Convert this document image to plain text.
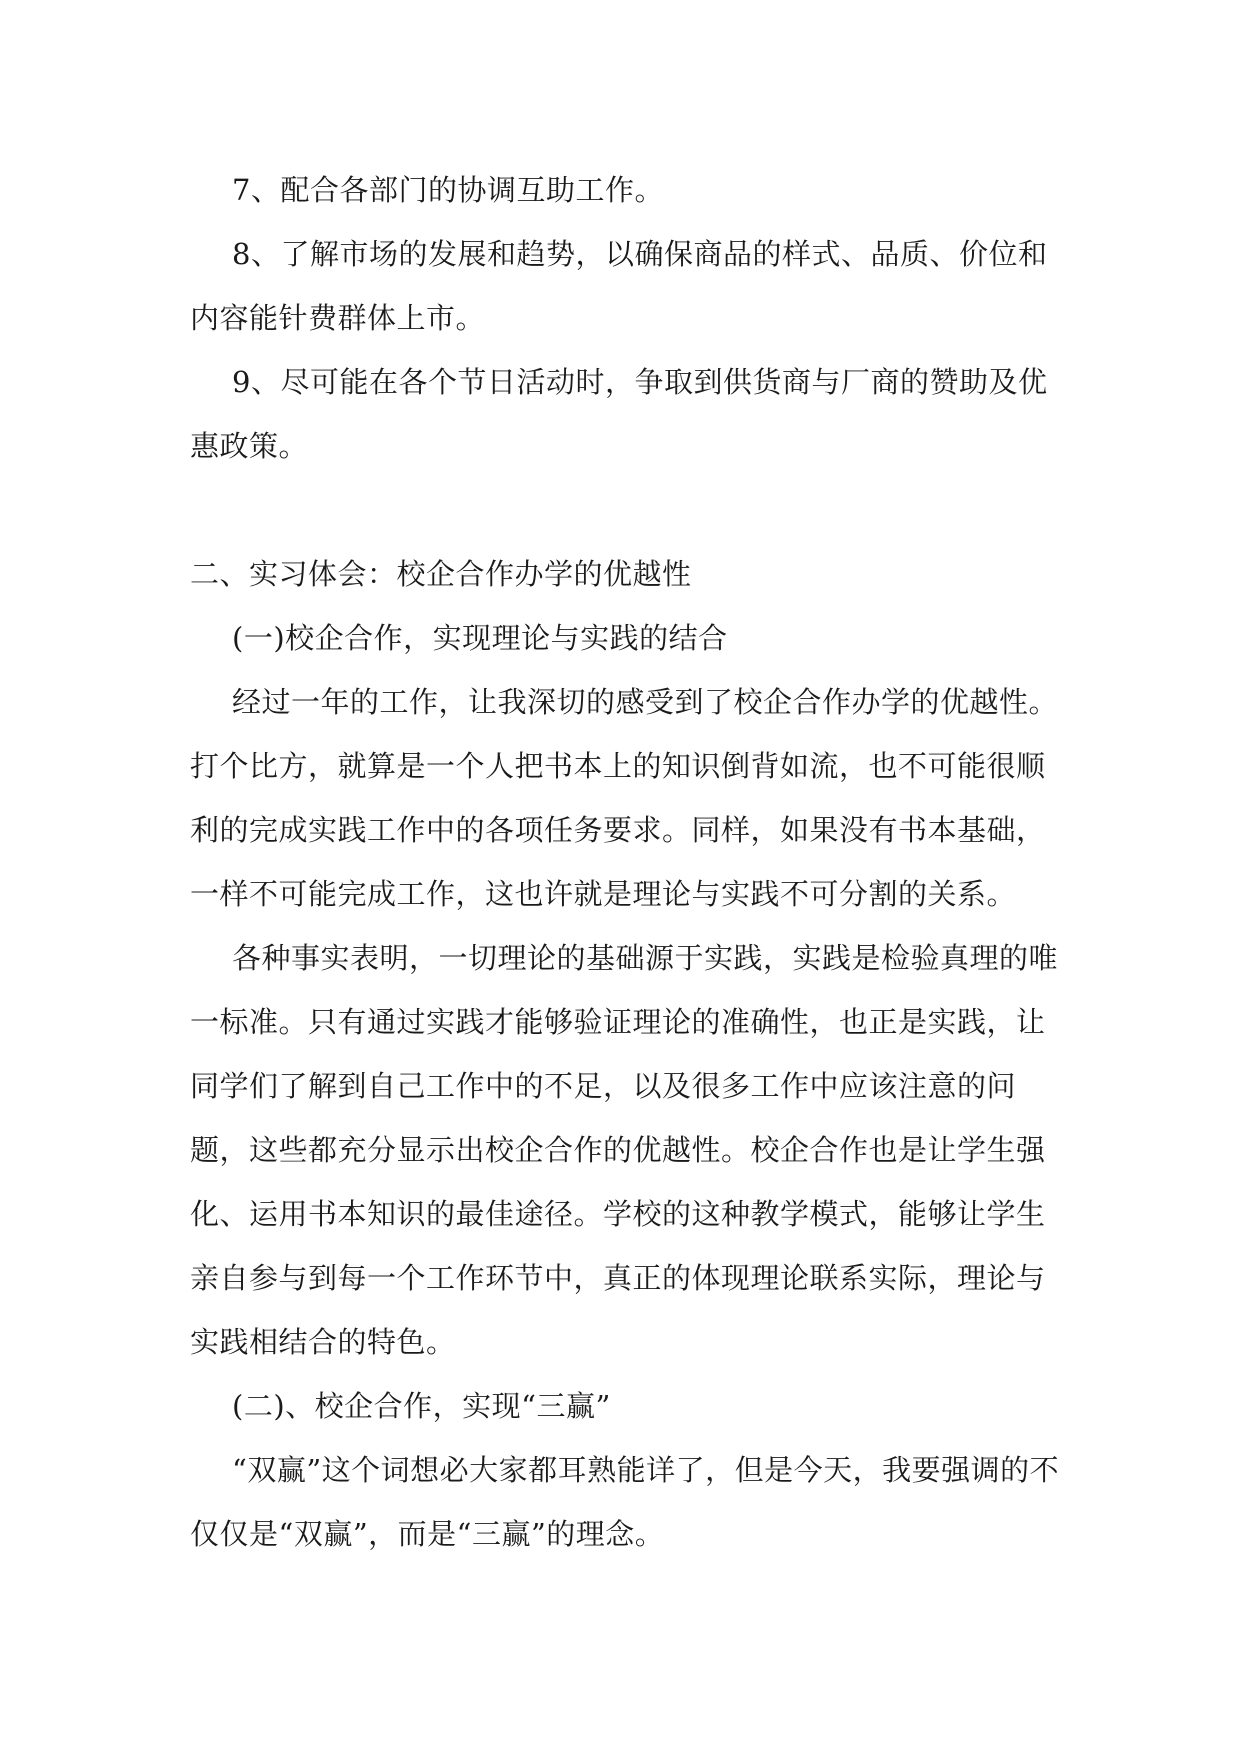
7、配合各部门的协调互助工作。

8、了解市场的发展和趋势，以确保商品的样式、品质、价位和内容能针费群体上市。

9、尽可能在各个节日活动时，争取到供货商与厂商的赞助及优惠政策。

二、实习体会：校企合作办学的优越性

(一)校企合作，实现理论与实践的结合

经过一年的工作，让我深切的感受到了校企合作办学的优越性。打个比方，就算是一个人把书本上的知识倒背如流，也不可能很顺利的完成实践工作中的各项任务要求。同样，如果没有书本基础，一样不可能完成工作，这也许就是理论与实践不可分割的关系。

各种事实表明，一切理论的基础源于实践，实践是检验真理的唯一标准。只有通过实践才能够验证理论的准确性，也正是实践，让同学们了解到自己工作中的不足，以及很多工作中应该注意的问题，这些都充分显示出校企合作的优越性。校企合作也是让学生强化、运用书本知识的最佳途径。学校的这种教学模式，能够让学生亲自参与到每一个工作环节中，真正的体现理论联系实际，理论与实践相结合的特色。

(二)、校企合作，实现“三赢”

“双赢”这个词想必大家都耳熟能详了，但是今天，我要强调的不仅仅是“双赢”，而是“三赢”的理念。
